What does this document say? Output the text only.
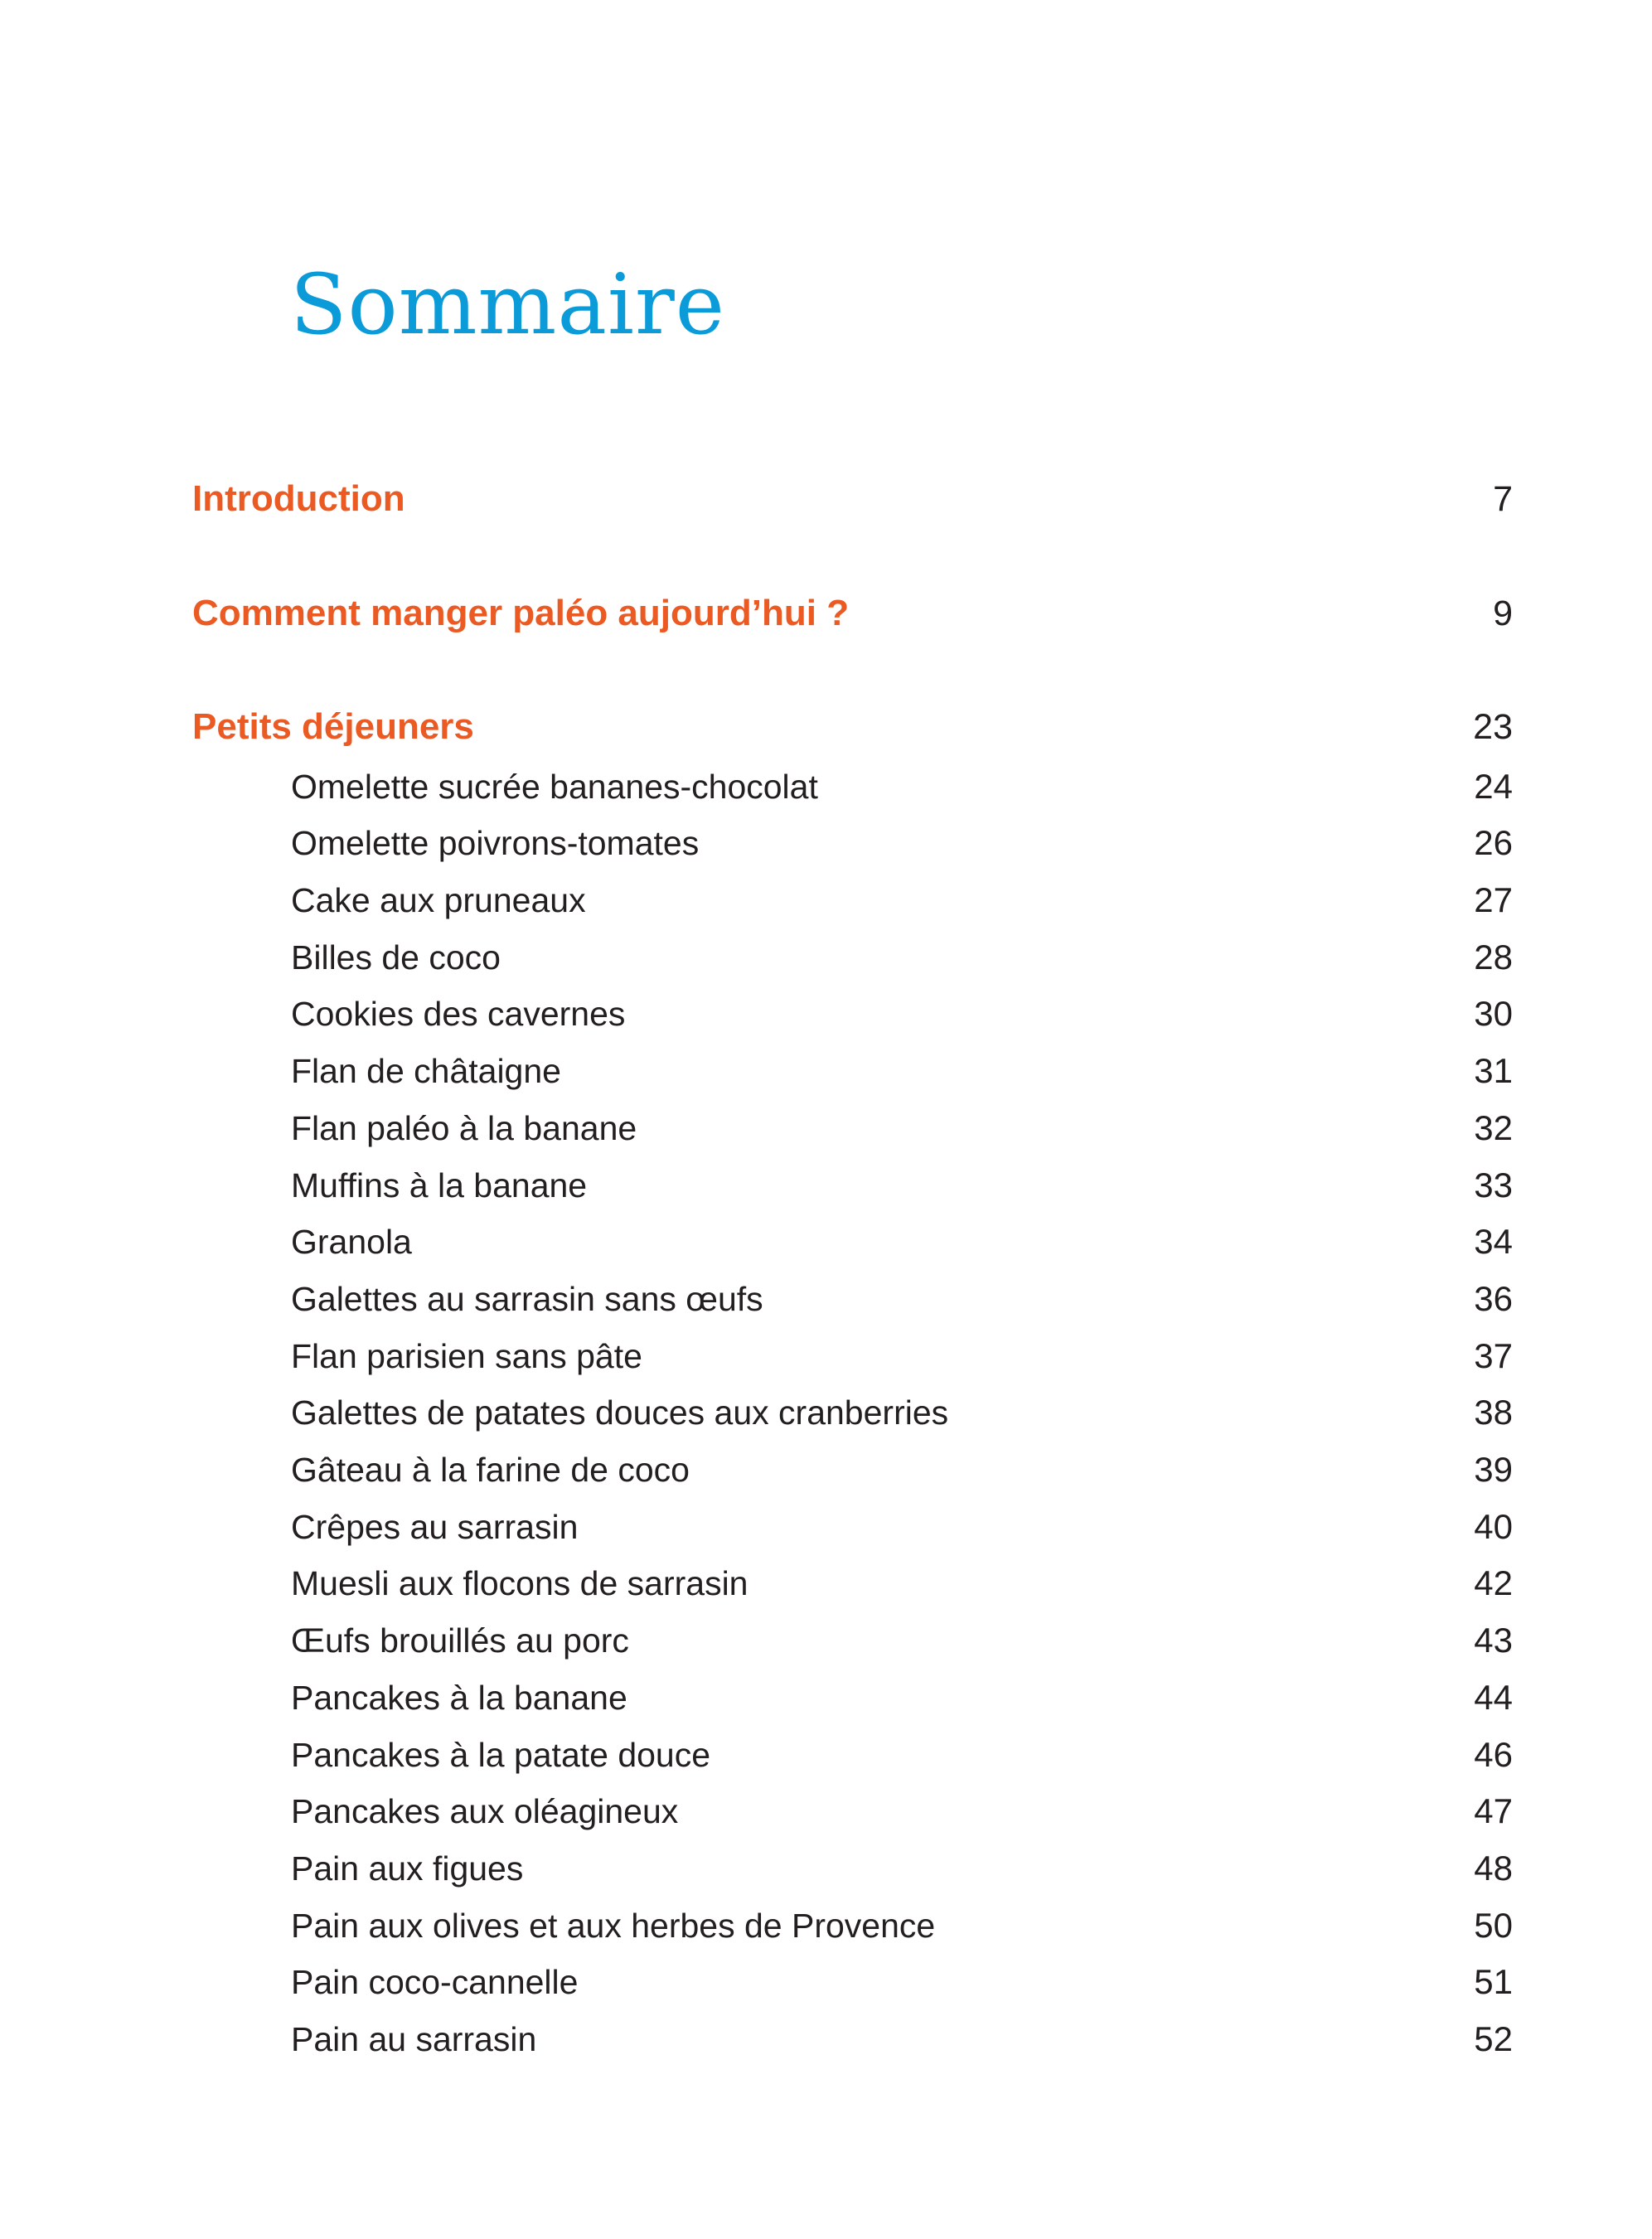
Sommaire
Introduction	7
Comment manger paléo aujourd’hui ?	9
Petits déjeuners	23
Omelette sucrée bananes-chocolat	24
Omelette poivrons-tomates	26
Cake aux pruneaux	27
Billes de coco	28
Cookies des cavernes	30
Flan de châtaigne	31
Flan paléo à la banane	32
Muffins à la banane	33
Granola	34
Galettes au sarrasin sans œufs	36
Flan parisien sans pâte	37
Galettes de patates douces aux cranberries	38
Gâteau à la farine de coco	39
Crêpes au sarrasin	40
Muesli aux flocons de sarrasin	42
Œufs brouillés au porc	43
Pancakes à la banane	44
Pancakes à la patate douce	46
Pancakes aux oléagineux	47
Pain aux figues	48
Pain aux olives et aux herbes de Provence	50
Pain coco-cannelle	51
Pain au sarrasin	52
